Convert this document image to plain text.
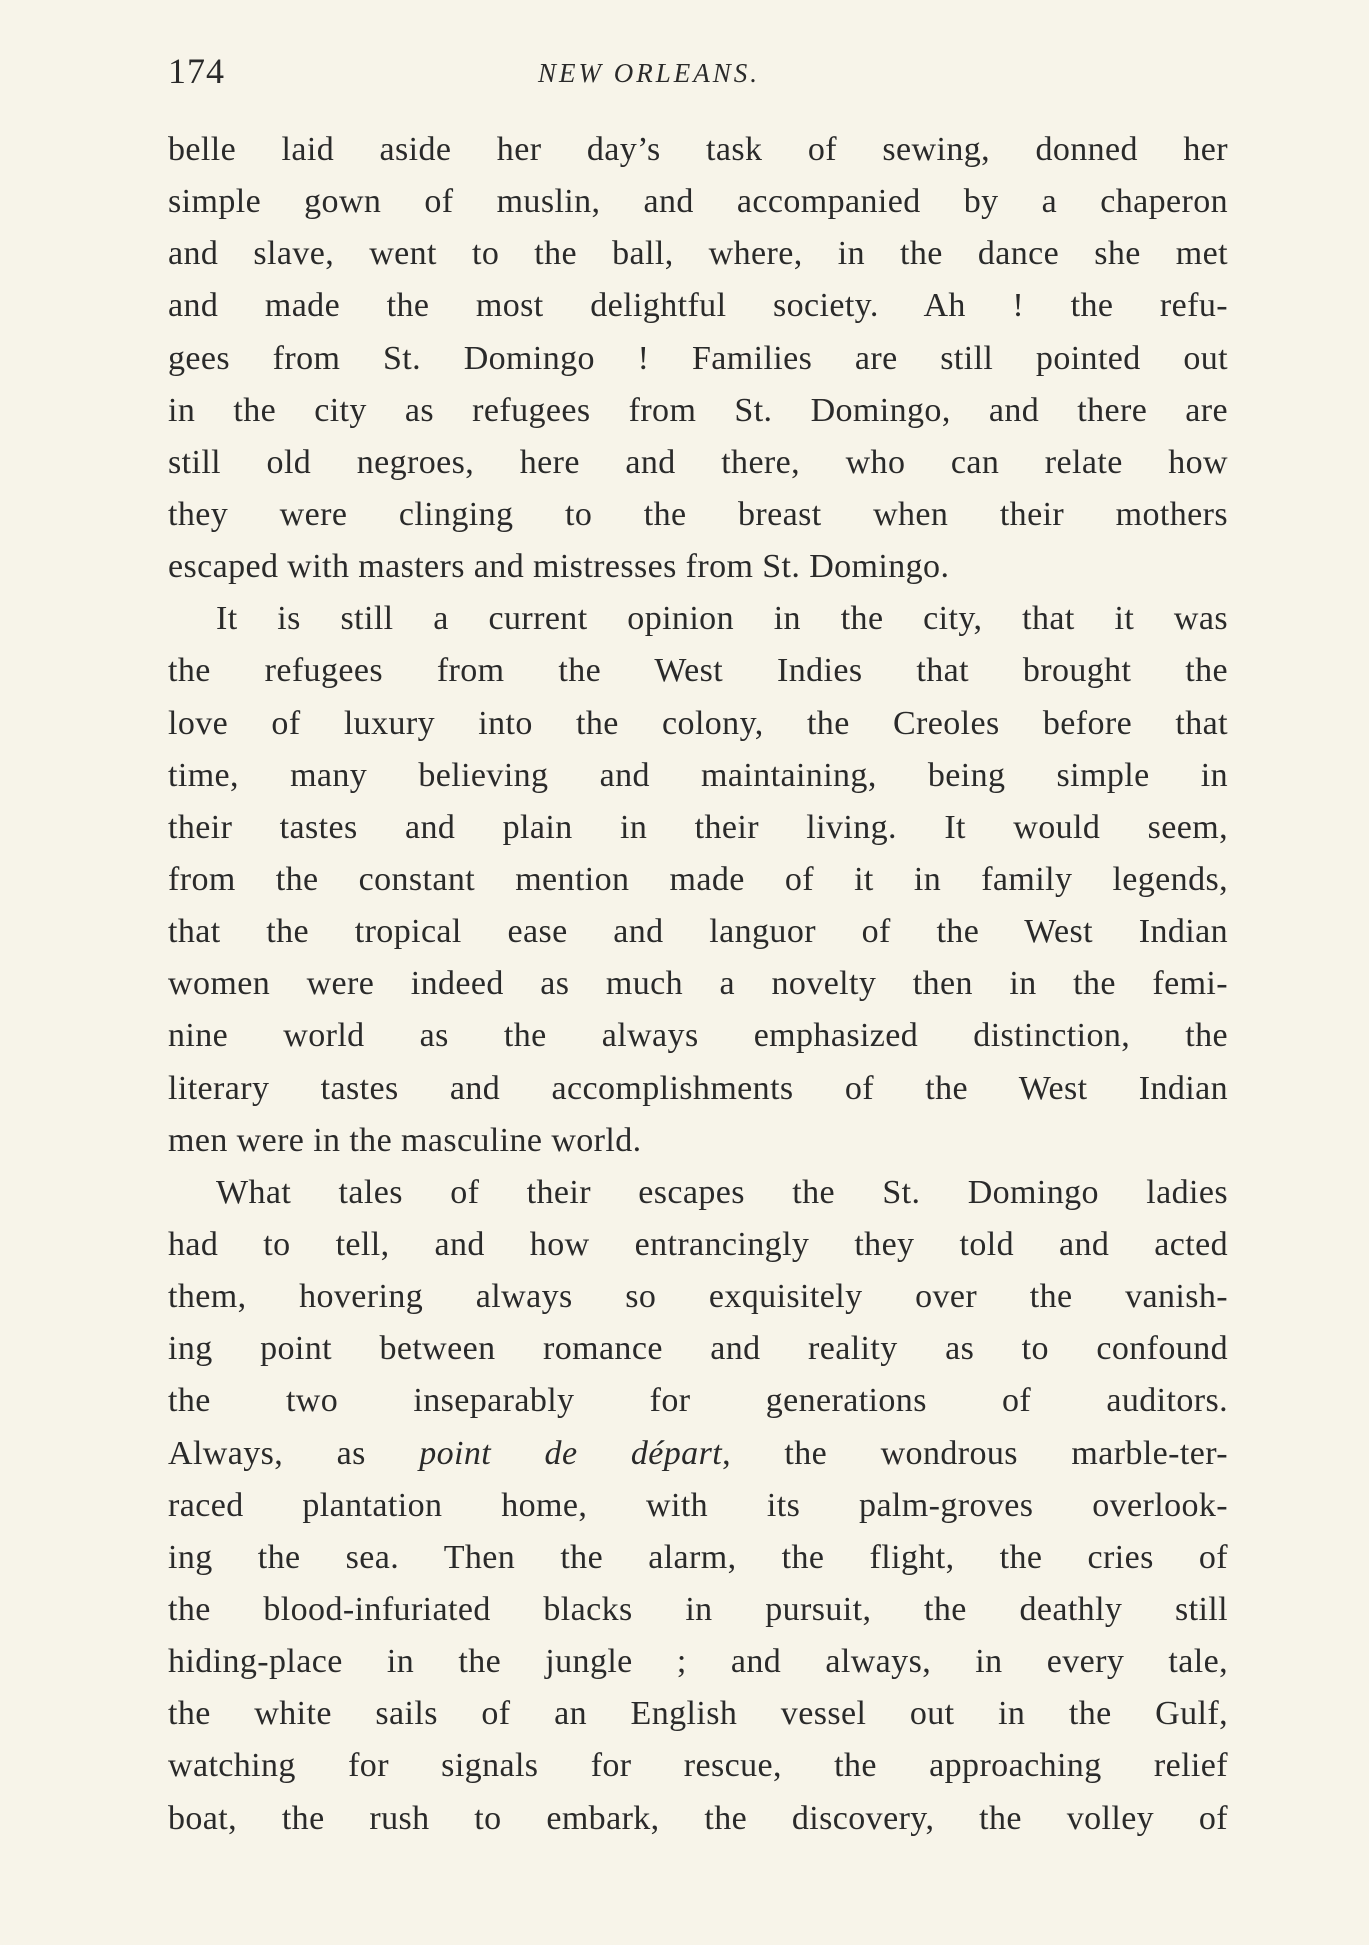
174	NEW ORLEANS.
belle laid aside her day’s task of sewing, donned her
simple gown of muslin, and accompanied by a chaperon
and slave, went to the ball, where, in the dance she met
and made the most delightful society. Ah ! the refu-
gees from St. Domingo ! Families are still pointed out
in the city as refugees from St. Domingo, and there are
still old negroes, here and there, who can relate how
they were clinging to the breast when their mothers
escaped with masters and mistresses from St. Domingo.
It is still a current opinion in the city, that it was
the refugees from the West Indies that brought the
love of luxury into the colony, the Creoles before that
time, many believing and maintaining, being simple in
their tastes and plain in their living. It would seem,
from the constant mention made of it in family legends,
that the tropical ease and languor of the West Indian
women were indeed as much a novelty then in the femi-
nine world as the always emphasized distinction, the
literary tastes and accomplishments of the West Indian
men were in the masculine world.
What tales of their escapes the St. Domingo ladies
had to tell, and how entrancingly they told and acted
them, hovering always so exquisitely over the vanish-
ing point between romance and reality as to confound
the two inseparably for generations of auditors.
Always, as point de départ, the wondrous marble-ter-
raced plantation home, with its palm-groves overlook-
ing the sea. Then the alarm, the flight, the cries of
the blood-infuriated blacks in pursuit, the deathly still
hiding-place in the jungle ; and always, in every tale,
the white sails of an English vessel out in the Gulf,
watching for signals for rescue, the approaching relief
boat, the rush to embark, the discovery, the volley of
